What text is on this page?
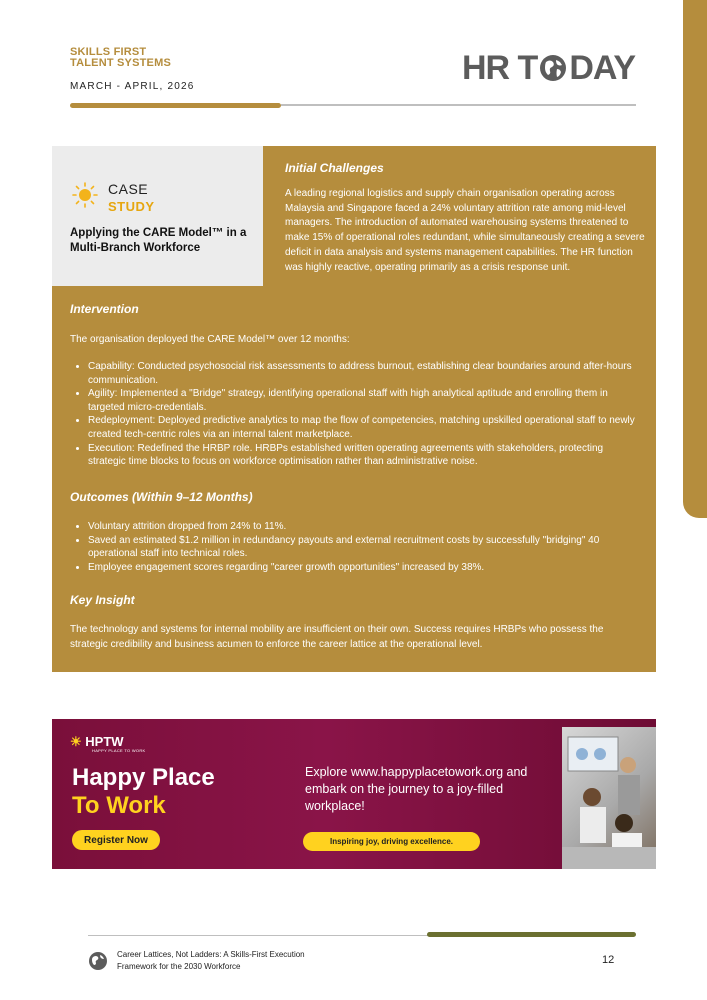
SKILLS FIRST
TALENT SYSTEMS
MARCH - APRIL, 2026	HR T DAY
CASE
STUDY
Applying the CARE Model™ in a Multi-Branch Workforce
Initial Challenges
A leading regional logistics and supply chain organisation operating across Malaysia and Singapore faced a 24% voluntary attrition rate among mid-level managers. The introduction of automated warehousing systems threatened to make 15% of operational roles redundant, while simultaneously creating a severe deficit in data analysis and systems management capabilities. The HR function was highly reactive, operating primarily as a crisis response unit.
Intervention
The organisation deployed the CARE Model™ over 12 months:
• Capability: Conducted psychosocial risk assessments to address burnout, establishing clear boundaries around after-hours communication.
• Agility: Implemented a "Bridge" strategy, identifying operational staff with high analytical aptitude and enrolling them in targeted micro-credentials.
• Redeployment: Deployed predictive analytics to map the flow of competencies, matching upskilled operational staff to newly created tech-centric roles via an internal talent marketplace.
• Execution: Redefined the HRBP role. HRBPs established written operating agreements with stakeholders, protecting strategic time blocks to focus on workforce optimisation rather than administrative noise.
Outcomes (Within 9–12 Months)
• Voluntary attrition dropped from 24% to 11%.
• Saved an estimated $1.2 million in redundancy payouts and external recruitment costs by successfully "bridging" 40 operational staff into technical roles.
• Employee engagement scores regarding "career growth opportunities" increased by 38%.
Key Insight
The technology and systems for internal mobility are insufficient on their own. Success requires HRBPs who possess the strategic credibility and business acumen to enforce the career lattice at the operational level.
☀ HPTW
HAPPY PLACE TO WORK
Happy Place
To Work
Register Now
Explore www.happyplacetowork.org and embark on the journey to a joy-filled workplace!
Inspiring joy, driving excellence.
Career Lattices, Not Ladders: A Skills-First Execution Framework for the 2030 Workforce	12
